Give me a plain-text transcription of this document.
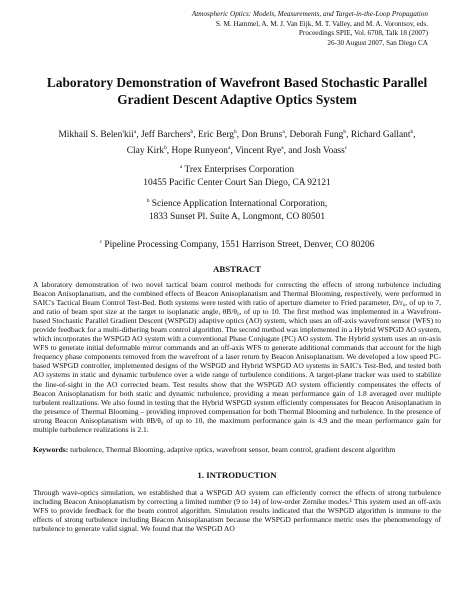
Atmospheric Optics: Models, Measurements, and Target-in-the-Loop Propagation
S. M. Hammel, A. M. J. Van Eijk, M. T. Valley, and M. A. Vorontsov, eds.
Proceedings SPIE, Vol. 6708, Talk 18 (2007)
26-30 August 2007, San Diego CA
Laboratory Demonstration of Wavefront Based Stochastic Parallel
Gradient Descent Adaptive Optics System
Mikhail S. Belen'kii$^a$, Jeff Barchers$^b$, Eric Berg$^b$, Don Bruns$^a$, Deborah Fung$^b$, Richard Gallant$^b$,
Clay Kirk$^b$, Hope Runyeon$^a$, Vincent Rye$^a$, and Josh Voass$^c$
$^a$ Trex Enterprises Corporation
10455 Pacific Center Court San Diego, CA 92121
$^b$ Science Application International Corporation,
1833 Sunset Pl. Suite A, Longmont, CO 80501
$^c$ Pipeline Processing Company, 1551 Harrison Street, Denver, CO 80206
ABSTRACT
A laboratory demonstration of two novel tactical beam control methods for correcting the effects of strong turbulence including Beacon Anisoplanatism, and the combined effects of Beacon Anisoplanatism and Thermal Blooming, respectively, were performed in SAIC's Tactical Beam Control Test-Bed. Both systems were tested with ratio of aperture diameter to Fried parameter, D/r₀, of up to 7, and ratio of beam spot size at the target to isoplanatic angle, θB/θ₀, of up to 10. The first method was implemented in a Wavefront-based Stochastic Parallel Gradient Descent (WSPGD) adaptive optics (AO) system, which uses an off-axis wavefront sensor (WFS) to provide feedback for a multi-dithering beam control algorithm. The second method was implemented in a Hybrid WSPGD AO system, which incorporates the WSPGD AO system with a conventional Phase Conjugate (PC) AO system. The Hybrid system uses an on-axis WFS to generate initial deformable mirror commands and an off-axis WFS to generate additional commands that account for the high frequency phase components removed from the wavefront of a laser return by Beacon Anisoplanatism. We developed a low speed PC-based WSPGD controller, implemented designs of the WSPGD and Hybrid WSPGD AO systems in SAIC's Test-Bed, and tested both AO systems in static and dynamic turbulence over a wide range of turbulence conditions. A target-plane tracker was used to stabilize the line-of-sight in the AO corrected beam. Test results show that the WSPGD AO system efficiently compensates the effects of Beacon Anisoplanatism for both static and dynamic turbulence, providing a mean performance gain of 1.8 averaged over multiple turbulent realizations. We also found in testing that the Hybrid WSPGD system efficiently compensates for Beacon Anisoplanatism in the presence of Thermal Blooming – providing improved compensation for both Thermal Blooming and turbulence. In the presence of strong Beacon Anisoplanatism with θB/θ₀ of up to 10, the maximum performance gain is 4.9 and the mean performance gain for multiple turbulence realizations is 2.1.
Keywords: turbulence, Thermal Blooming, adaptive optics, wavefront sensor, beam control, gradient descent algorithm
1. INTRODUCTION
Through wave-optics simulation, we established that a WSPGD AO system can efficiently correct the effects of strong turbulence including Beacon Anisoplanatism by correcting a limited number (9 to 14) of low-order Zernike modes.¹ This system used an off-axis WFS to provide feedback for the beam control algorithm. Simulation results indicated that the WSPGD algorithm is immune to the effects of strong turbulence including Beacon Anisoplanatism because the WSPGD performance metric uses the phenomenology of turbulence to generate valid signal. We found that the WSPGD AO
